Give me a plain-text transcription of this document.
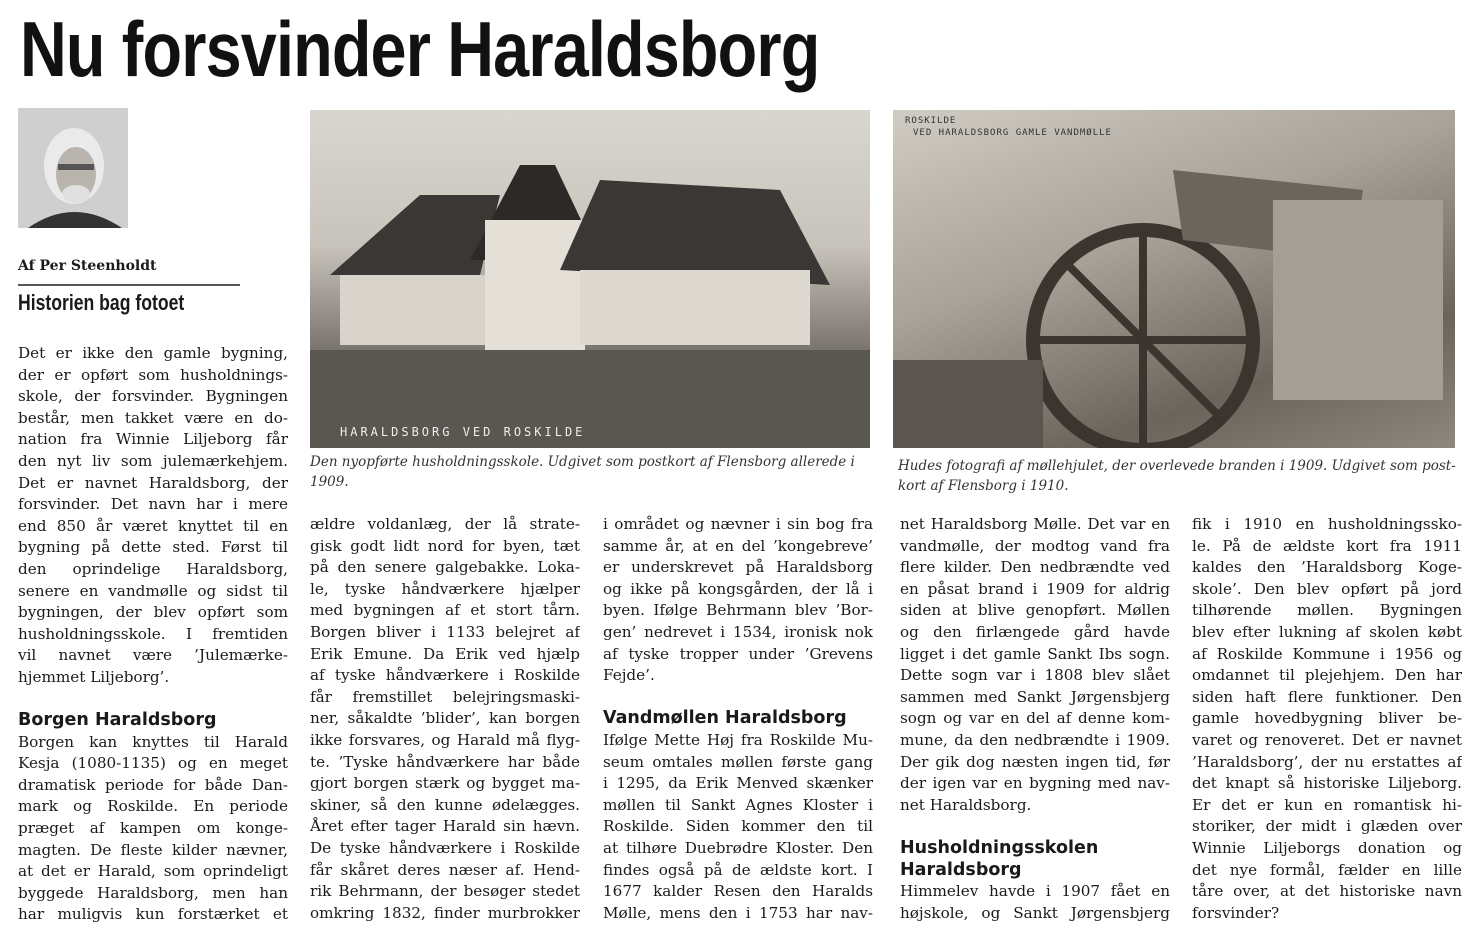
Nu forsvinder Haraldsborg
Af Per Steenholdt
Historien bag fotoet
HARALDSBORG VED ROSKILDE
Den nyopførte husholdningsskole. Udgivet som postkort af Flensborg allerede i
1909.
ROSKILDE
VED HARALDSBORG GAMLE VANDMØLLE
Hudes fotografi af møllehjulet, der overlevede branden i 1909. Udgivet som post-
kort af Flensborg i 1910.
Det er ikke den gamle bygning,
der er opført som husholdnings-
skole, der forsvinder. Bygningen
består, men takket være en do-
nation fra Winnie Liljeborg får
den nyt liv som julemærkehjem.
Det er navnet Haraldsborg, der
forsvinder. Det navn har i mere
end 850 år været knyttet til en
bygning på dette sted. Først til
den oprindelige Haraldsborg,
senere en vandmølle og sidst til
bygningen, der blev opført som
husholdningsskole. I fremtiden
vil navnet være ’Julemærke-
hjemmet Liljeborg’.
Borgen Haraldsborg
Borgen kan knyttes til Harald
Kesja (1080-1135) og en meget
dramatisk periode for både Dan-
mark og Roskilde. En periode
præget af kampen om konge-
magten. De fleste kilder nævner,
at det er Harald, som oprindeligt
byggede Haraldsborg, men han
har muligvis kun forstærket et
ældre voldanlæg, der lå strate-
gisk godt lidt nord for byen, tæt
på den senere galgebakke. Loka-
le, tyske håndværkere hjælper
med bygningen af et stort tårn.
Borgen bliver i 1133 belejret af
Erik Emune. Da Erik ved hjælp
af tyske håndværkere i Roskilde
får fremstillet belejringsmaski-
ner, såkaldte ’blider’, kan borgen
ikke forsvares, og Harald må flyg-
te. ’Tyske håndværkere har både
gjort borgen stærk og bygget ma-
skiner, så den kunne ødelægges.
Året efter tager Harald sin hævn.
De tyske håndværkere i Roskilde
får skåret deres næser af. Hend-
rik Behrmann, der besøger stedet
omkring 1832, finder murbrokker
i området og nævner i sin bog fra
samme år, at en del ’kongebreve’
er underskrevet på Haraldsborg
og ikke på kongsgården, der lå i
byen. Ifølge Behrmann blev ’Bor-
gen’ nedrevet i 1534, ironisk nok
af tyske tropper under ’Grevens
Fejde’.
Vandmøllen Haraldsborg
Ifølge Mette Høj fra Roskilde Mu-
seum omtales møllen første gang
i 1295, da Erik Menved skænker
møllen til Sankt Agnes Kloster i
Roskilde. Siden kommer den til
at tilhøre Duebrødre Kloster. Den
findes også på de ældste kort. I
1677 kalder Resen den Haralds
Mølle, mens den i 1753 har nav-
net Haraldsborg Mølle. Det var en
vandmølle, der modtog vand fra
flere kilder. Den nedbrændte ved
en påsat brand i 1909 for aldrig
siden at blive genopført. Møllen
og den firlængede gård havde
ligget i det gamle Sankt Ibs sogn.
Dette sogn var i 1808 blev slået
sammen med Sankt Jørgensbjerg
sogn og var en del af denne kom-
mune, da den nedbrændte i 1909.
Der gik dog næsten ingen tid, før
der igen var en bygning med nav-
net Haraldsborg.
Husholdningsskolen
Haraldsborg
Himmelev havde i 1907 fået en
højskole, og Sankt Jørgensbjerg
fik i 1910 en husholdningssko-
le. På de ældste kort fra 1911
kaldes den ’Haraldsborg Koge-
skole’. Den blev opført på jord
tilhørende møllen. Bygningen
blev efter lukning af skolen købt
af Roskilde Kommune i 1956 og
omdannet til plejehjem. Den har
siden haft flere funktioner. Den
gamle hovedbygning bliver be-
varet og renoveret. Det er navnet
’Haraldsborg’, der nu erstattes af
det knapt så historiske Liljeborg.
Er det er kun en romantisk hi-
storiker, der midt i glæden over
Winnie Liljeborgs donation og
det nye formål, fælder en lille
tåre over, at det historiske navn
forsvinder?
